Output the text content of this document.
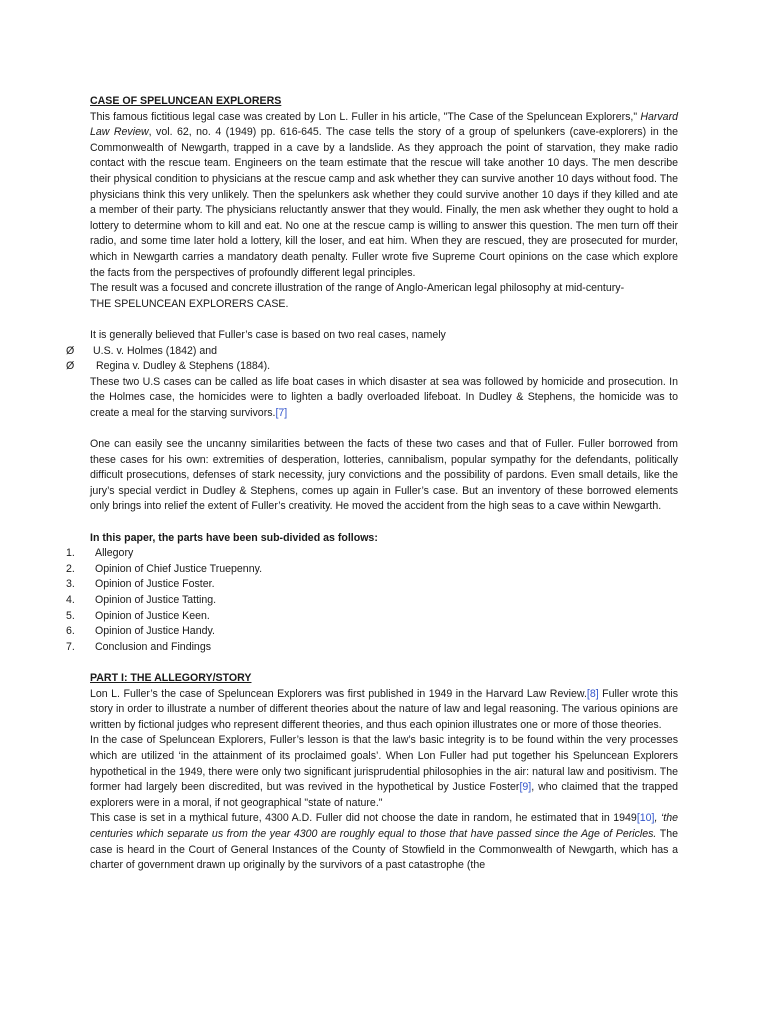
CASE OF SPELUNCEAN EXPLORERS

This famous fictitious legal case was created by Lon L. Fuller in his article, "The Case of the Speluncean Explorers," Harvard Law Review, vol. 62, no. 4 (1949) pp. 616-645. The case tells the story of a group of spelunkers (cave-explorers) in the Commonwealth of Newgarth, trapped in a cave by a landslide. As they approach the point of starvation, they make radio contact with the rescue team. Engineers on the team estimate that the rescue will take another 10 days. The men describe their physical condition to physicians at the rescue camp and ask whether they can survive another 10 days without food. The physicians think this very unlikely. Then the spelunkers ask whether they could survive another 10 days if they killed and ate a member of their party. The physicians reluctantly answer that they would. Finally, the men ask whether they ought to hold a lottery to determine whom to kill and eat. No one at the rescue camp is willing to answer this question. The men turn off their radio, and some time later hold a lottery, kill the loser, and eat him. When they are rescued, they are prosecuted for murder, which in Newgarth carries a mandatory death penalty. Fuller wrote five Supreme Court opinions on the case which explore the facts from the perspectives of profoundly different legal principles.

The result was a focused and concrete illustration of the range of Anglo-American legal philosophy at mid-century-

THE SPELUNCEAN EXPLORERS CASE.

It is generally believed that Fuller’s case is based on two real cases, namely

Ø U.S. v. Holmes (1842) and
Ø Regina v. Dudley & Stephens (1884).

These two U.S cases can be called as life boat cases in which disaster at sea was followed by homicide and prosecution. In the Holmes case, the homicides were to lighten a badly overloaded lifeboat. In Dudley & Stephens, the homicide was to create a meal for the starving survivors.[7]

One can easily see the uncanny similarities between the facts of these two cases and that of Fuller. Fuller borrowed from these cases for his own: extremities of desperation, lotteries, cannibalism, popular sympathy for the defendants, politically difficult prosecutions, defenses of stark necessity, jury convictions and the possibility of pardons. Even small details, like the jury’s special verdict in Dudley & Stephens, comes up again in Fuller’s case. But an inventory of these borrowed elements only brings into relief the extent of Fuller’s creativity. He moved the accident from the high seas to a cave within Newgarth.

In this paper, the parts have been sub-divided as follows:

1. Allegory
2. Opinion of Chief Justice Truepenny.
3. Opinion of Justice Foster.
4. Opinion of Justice Tatting.
5. Opinion of Justice Keen.
6. Opinion of Justice Handy.
7. Conclusion and Findings

PART I: THE ALLEGORY/STORY

Lon L. Fuller’s the case of Speluncean Explorers was first published in 1949 in the Harvard Law Review.[8] Fuller wrote this story in order to illustrate a number of different theories about the nature of law and legal reasoning. The various opinions are written by fictional judges who represent different theories, and thus each opinion illustrates one or more of those theories.

In the case of Speluncean Explorers, Fuller’s lesson is that the law’s basic integrity is to be found within the very processes which are utilized ‘in the attainment of its proclaimed goals’. When Lon Fuller had put together his Speluncean Explorers hypothetical in the 1949, there were only two significant jurisprudential philosophies in the air: natural law and positivism. The former had largely been discredited, but was revived in the hypothetical by Justice Foster[9], who claimed that the trapped explorers were in a moral, if not geographical "state of nature."

This case is set in a mythical future, 4300 A.D. Fuller did not choose the date in random, he estimated that in 1949[10], ‘the centuries which separate us from the year 4300 are roughly equal to those that have passed since the Age of Pericles. The case is heard in the Court of General Instances of the County of Stowfield in the Commonwealth of Newgarth, which has a charter of government drawn up originally by the survivors of a past catastrophe (the
